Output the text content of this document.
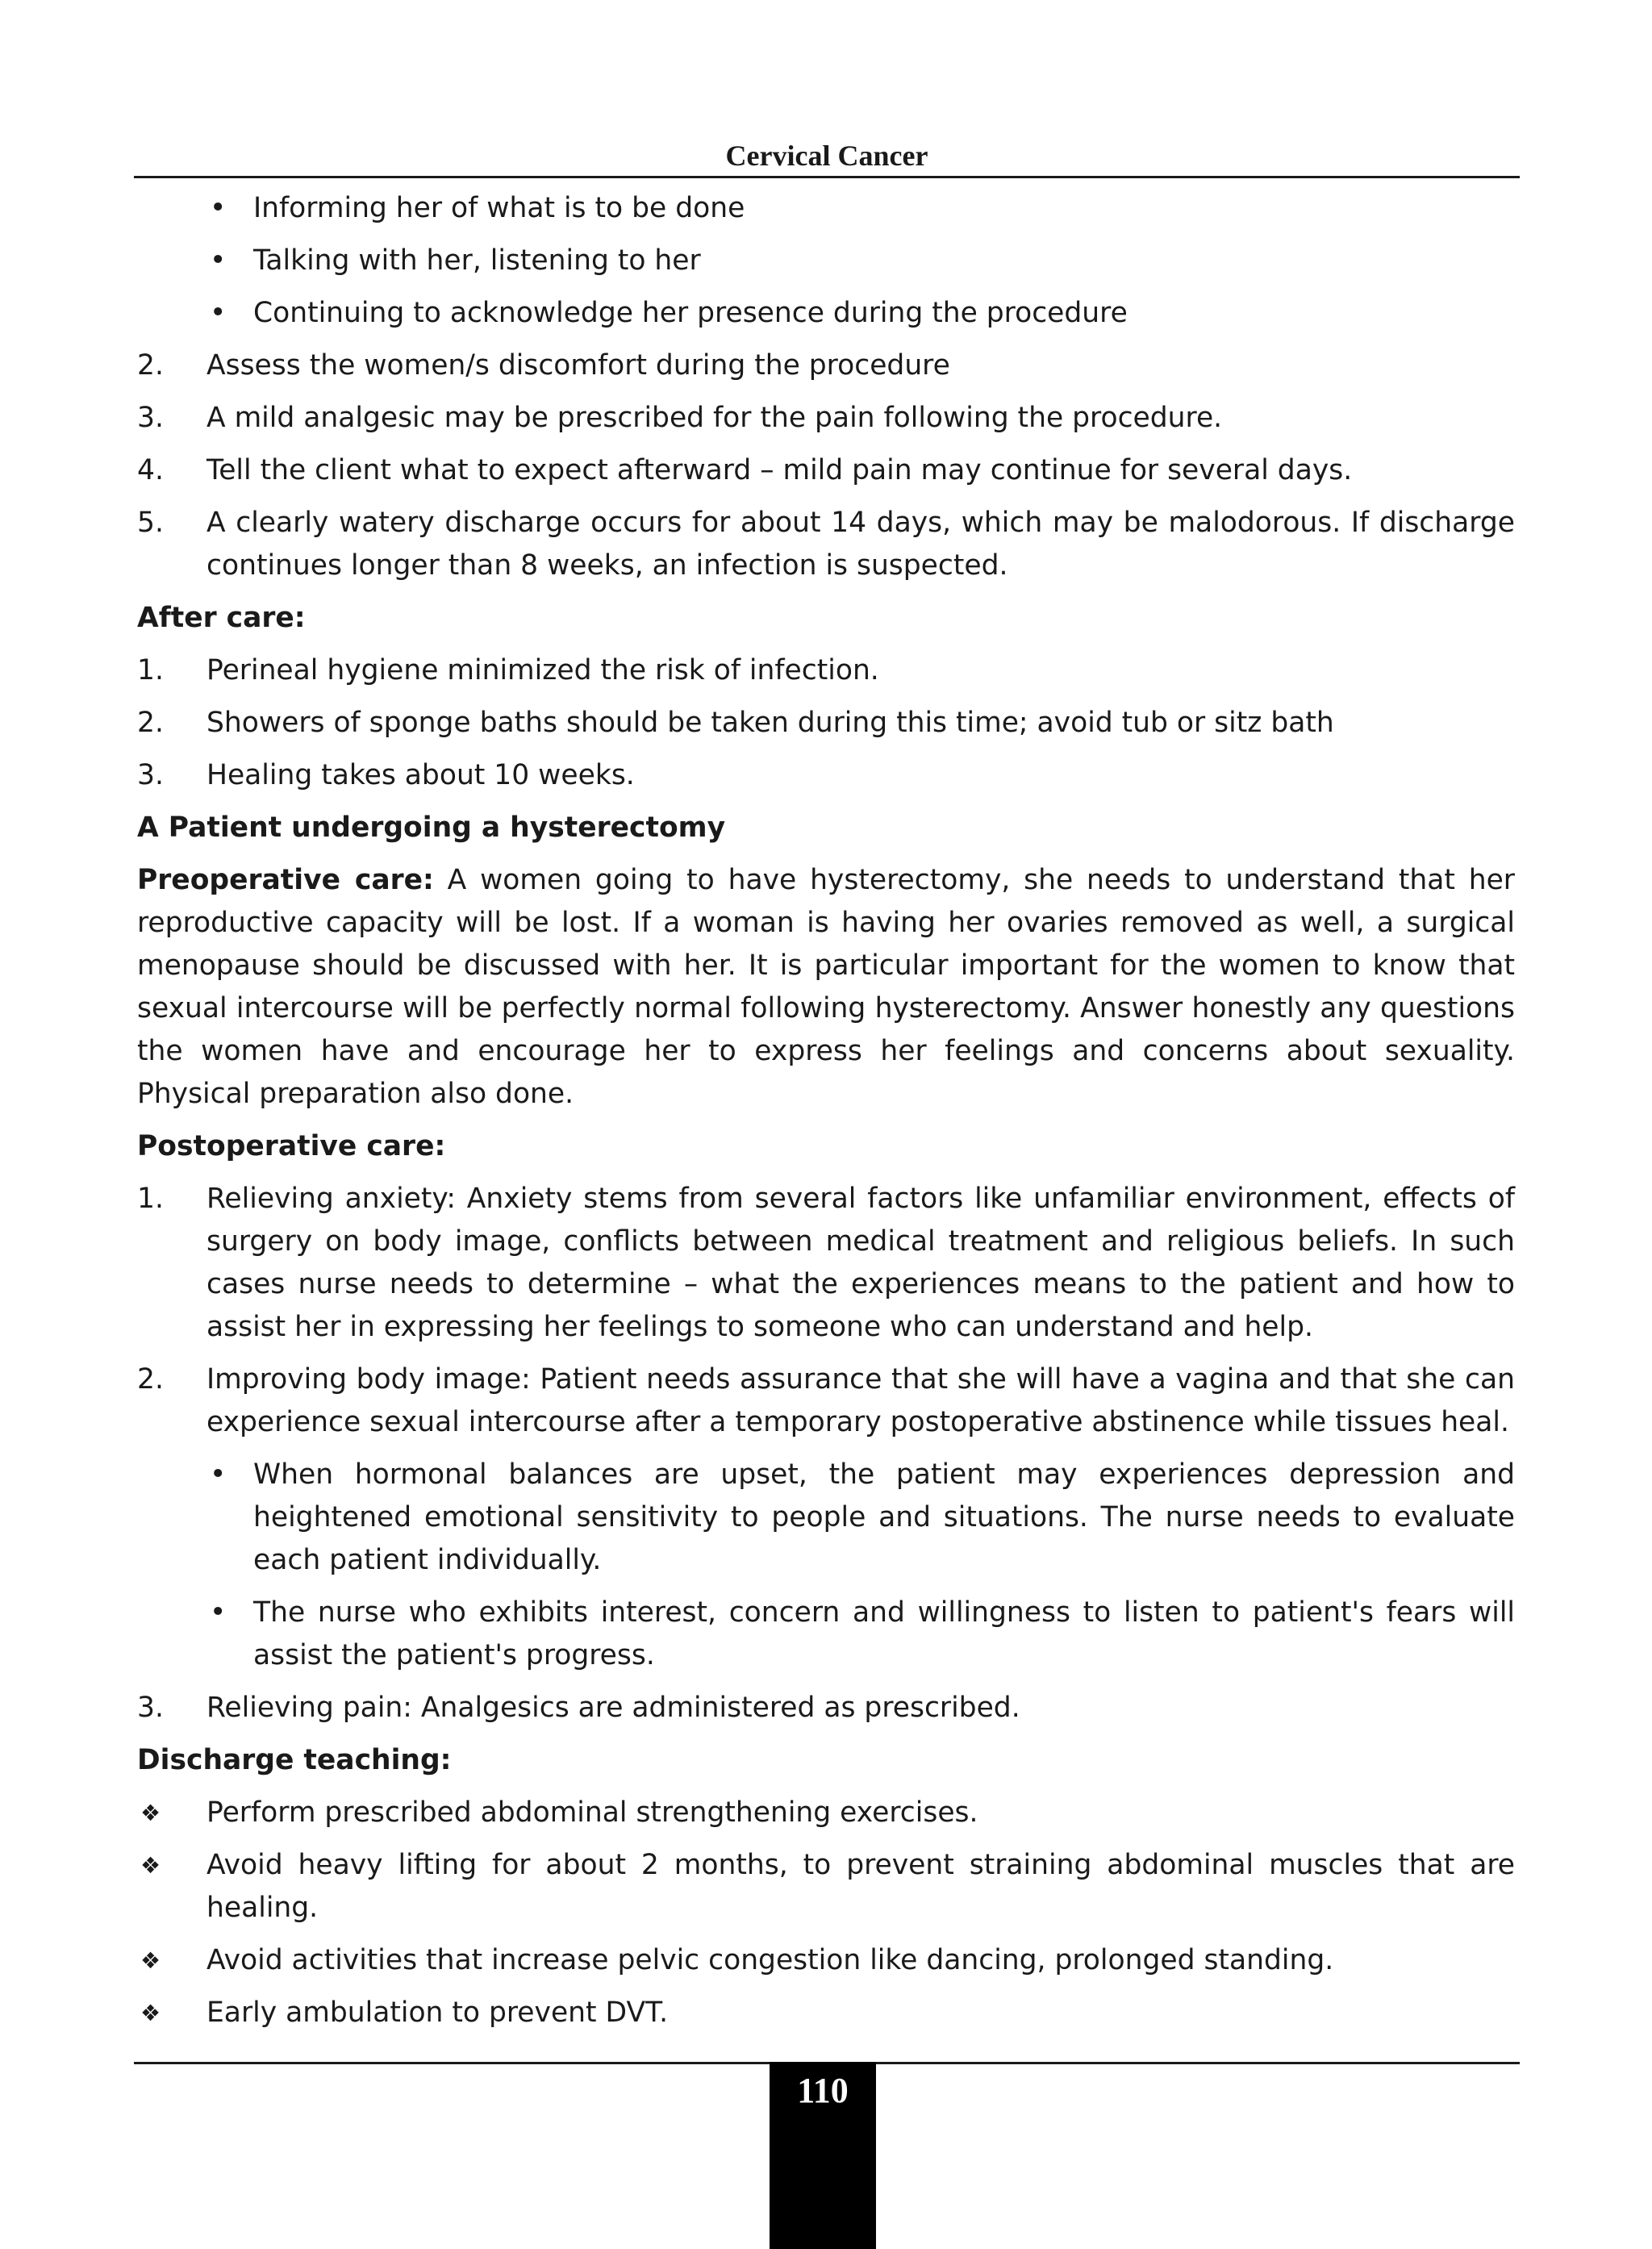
Cervical Cancer
• Informing her of what is to be done
• Talking with her, listening to her
• Continuing to acknowledge her presence during the procedure
2.	Assess the women/s discomfort during the procedure
3.	A mild analgesic may be prescribed for the pain following the procedure.
4.	Tell the client what to expect afterward – mild pain may continue for several days.
5.	A clearly watery discharge occurs for about 14 days, which may be malodorous. If discharge continues longer than 8 weeks, an infection is suspected.
After care:
1.	Perineal hygiene minimized the risk of infection.
2.	Showers of sponge baths should be taken during this time; avoid tub or sitz bath
3.	Healing takes about 10 weeks.
A Patient undergoing a hysterectomy
Preoperative care: A women going to have hysterectomy, she needs to understand that her reproductive capacity will be lost. If a woman is having her ovaries removed as well, a surgical menopause should be discussed with her. It is particular important for the women to know that sexual intercourse will be perfectly normal following hysterectomy. Answer honestly any questions the women have and encourage her to express her feelings and concerns about sexuality. Physical preparation also done.
Postoperative care:
1.	Relieving anxiety: Anxiety stems from several factors like unfamiliar environment, effects of surgery on body image, conflicts between medical treatment and religious beliefs. In such cases nurse needs to determine – what the experiences means to the patient and how to assist her in expressing her feelings to someone who can understand and help.
2.	Improving body image: Patient needs assurance that she will have a vagina and that she can experience sexual intercourse after a temporary postoperative abstinence while tissues heal.
• When hormonal balances are upset, the patient may experiences depression and heightened emotional sensitivity to people and situations. The nurse needs to evaluate each patient individually.
• The nurse who exhibits interest, concern and willingness to listen to patient's fears will assist the patient's progress.
3.	Relieving pain: Analgesics are administered as prescribed.
Discharge teaching:
❖	Perform prescribed abdominal strengthening exercises.
❖	Avoid heavy lifting for about 2 months, to prevent straining abdominal muscles that are healing.
❖	Avoid activities that increase pelvic congestion like dancing, prolonged standing.
❖	Early ambulation to prevent DVT.
110
